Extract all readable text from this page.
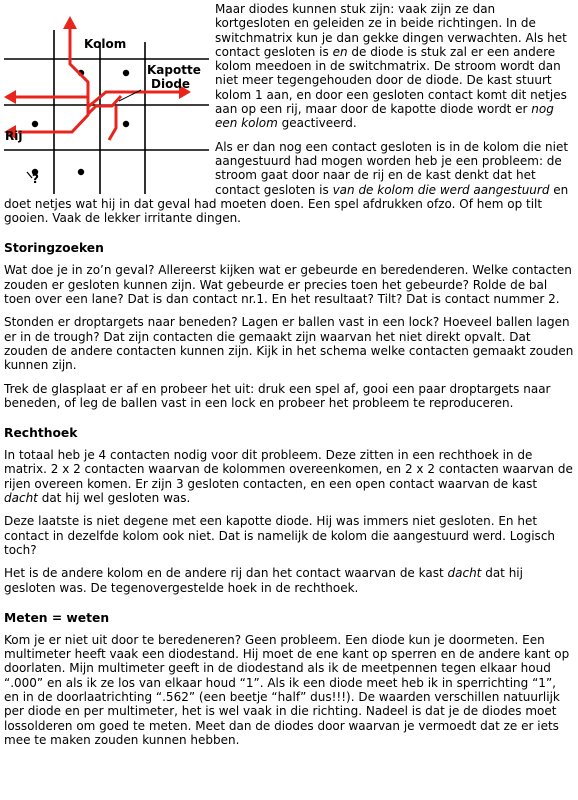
Kolom
Kapotte
Diode
Rij
?

Maar diodes kunnen stuk zijn: vaak zijn ze dan kortgesloten en geleiden ze in beide richtingen. In de switchmatrix kun je dan gekke dingen verwachten. Als het contact gesloten is en de diode is stuk zal er een andere kolom meedoen in de switchmatrix. De stroom wordt dan niet meer tegengehouden door de diode. De kast stuurt kolom 1 aan, en door een gesloten contact komt dit netjes aan op een rij, maar door de kapotte diode wordt er nog een kolom geactiveerd.

Als er dan nog een contact gesloten is in de kolom die niet aangestuurd had mogen worden heb je een probleem: de stroom gaat door naar de rij en de kast denkt dat het contact gesloten is van de kolom die werd aangestuurd en doet netjes wat hij in dat geval had moeten doen. Een spel afdrukken ofzo. Of hem op tilt gooien. Vaak de lekker irritante dingen.

Storingzoeken

Wat doe je in zo’n geval? Allereerst kijken wat er gebeurde en beredenderen. Welke contacten zouden er gesloten kunnen zijn. Wat gebeurde er precies toen het gebeurde? Rolde de bal toen over een lane? Dat is dan contact nr.1. En het resultaat? Tilt? Dat is contact nummer 2.

Stonden er droptargets naar beneden? Lagen er ballen vast in een lock? Hoeveel ballen lagen er in de trough? Dat zijn contacten die gemaakt zijn waarvan het niet direkt opvalt. Dat zouden de andere contacten kunnen zijn. Kijk in het schema welke contacten gemaakt zouden kunnen zijn.

Trek de glasplaat er af en probeer het uit: druk een spel af, gooi een paar droptargets naar beneden, of leg de ballen vast in een lock en probeer het probleem te reproduceren.

Rechthoek

In totaal heb je 4 contacten nodig voor dit probleem. Deze zitten in een rechthoek in de matrix. 2 x 2 contacten waarvan de kolommen overeenkomen, en 2 x 2 contacten waarvan de rijen overeen komen. Er zijn 3 gesloten contacten, en een open contact waarvan de kast dacht dat hij wel gesloten was.

Deze laatste is niet degene met een kapotte diode. Hij was immers niet gesloten. En het contact in dezelfde kolom ook niet. Dat is namelijk de kolom die aangestuurd werd. Logisch toch?

Het is de andere kolom en de andere rij dan het contact waarvan de kast dacht dat hij gesloten was. De tegenovergestelde hoek in de rechthoek.

Meten = weten

Kom je er niet uit door te beredeneren? Geen probleem. Een diode kun je doormeten. Een multimeter heeft vaak een diodestand. Hij moet de ene kant op sperren en de andere kant op doorlaten. Mijn multimeter geeft in de diodestand als ik de meetpennen tegen elkaar houd “.000” en als ik ze los van elkaar houd “1”. Als ik een diode meet heb ik in sperrichting “1”, en in de doorlaatrichting “.562” (een beetje “half” dus!!!). De waarden verschillen natuurlijk per diode en per multimeter, het is wel vaak in die richting. Nadeel is dat je de diodes moet lossolderen om goed te meten. Meet dan de diodes door waarvan je vermoedt dat ze er iets mee te maken zouden kunnen hebben.
